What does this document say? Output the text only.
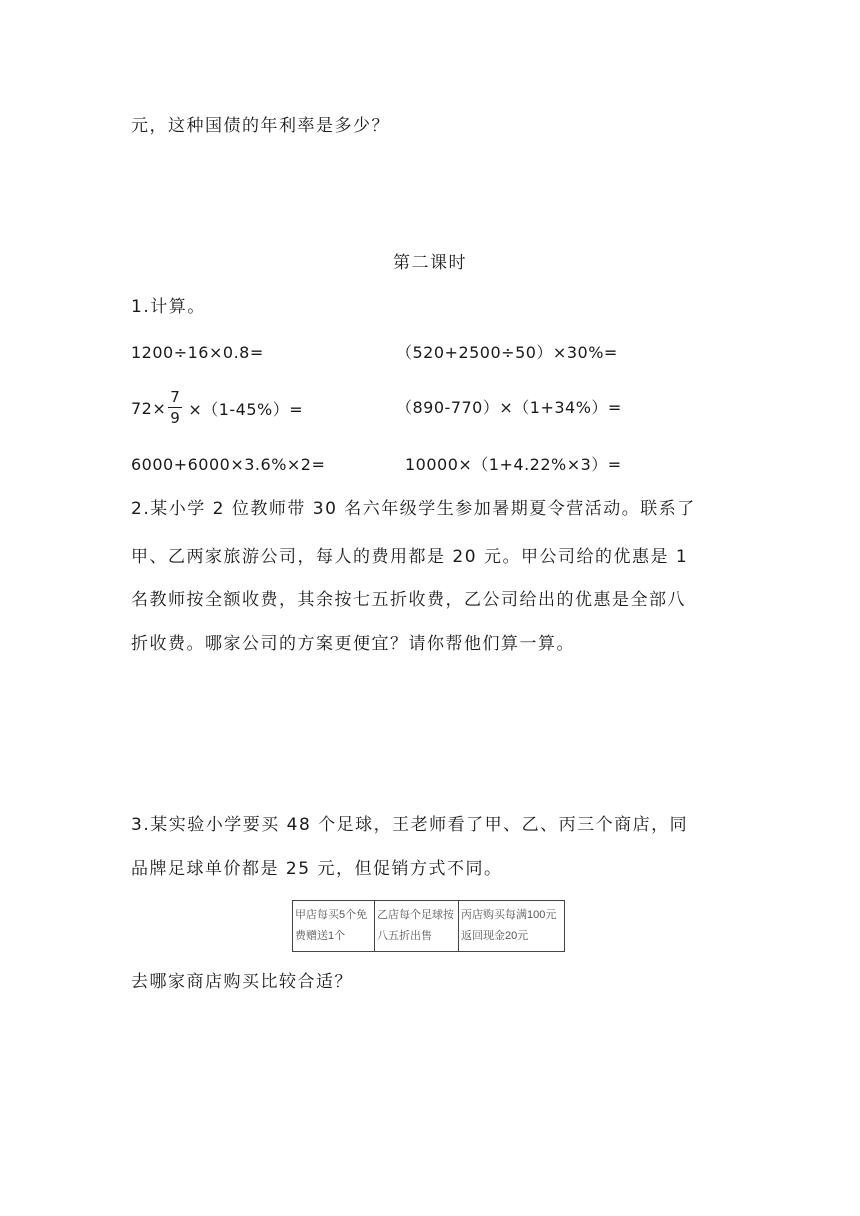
元，这种国债的年利率是多少？
第二课时
1.计算。
1200÷16×0.8=	（520+2500÷50）×30%=
$72\times \frac{7}{9} \times(1-45\%)=$	（890-770）×（1+34%）=
6000+6000×3.6%×2=	10000×（1+4.22%×3）=
2.某小学 2 位教师带 30 名六年级学生参加暑期夏令营活动。联系了
甲、乙两家旅游公司，每人的费用都是 20 元。甲公司给的优惠是 1
名教师按全额收费，其余按七五折收费，乙公司给出的优惠是全部八
折收费。哪家公司的方案更便宜？请你帮他们算一算。
3.某实验小学要买 48 个足球，王老师看了甲、乙、丙三个商店，同
品牌足球单价都是 25 元，但促销方式不同。
甲店每买5个免
费赠送1个

乙店每个足球按
八五折出售

丙店购买每满100元
返回现金20元
去哪家商店购买比较合适？
